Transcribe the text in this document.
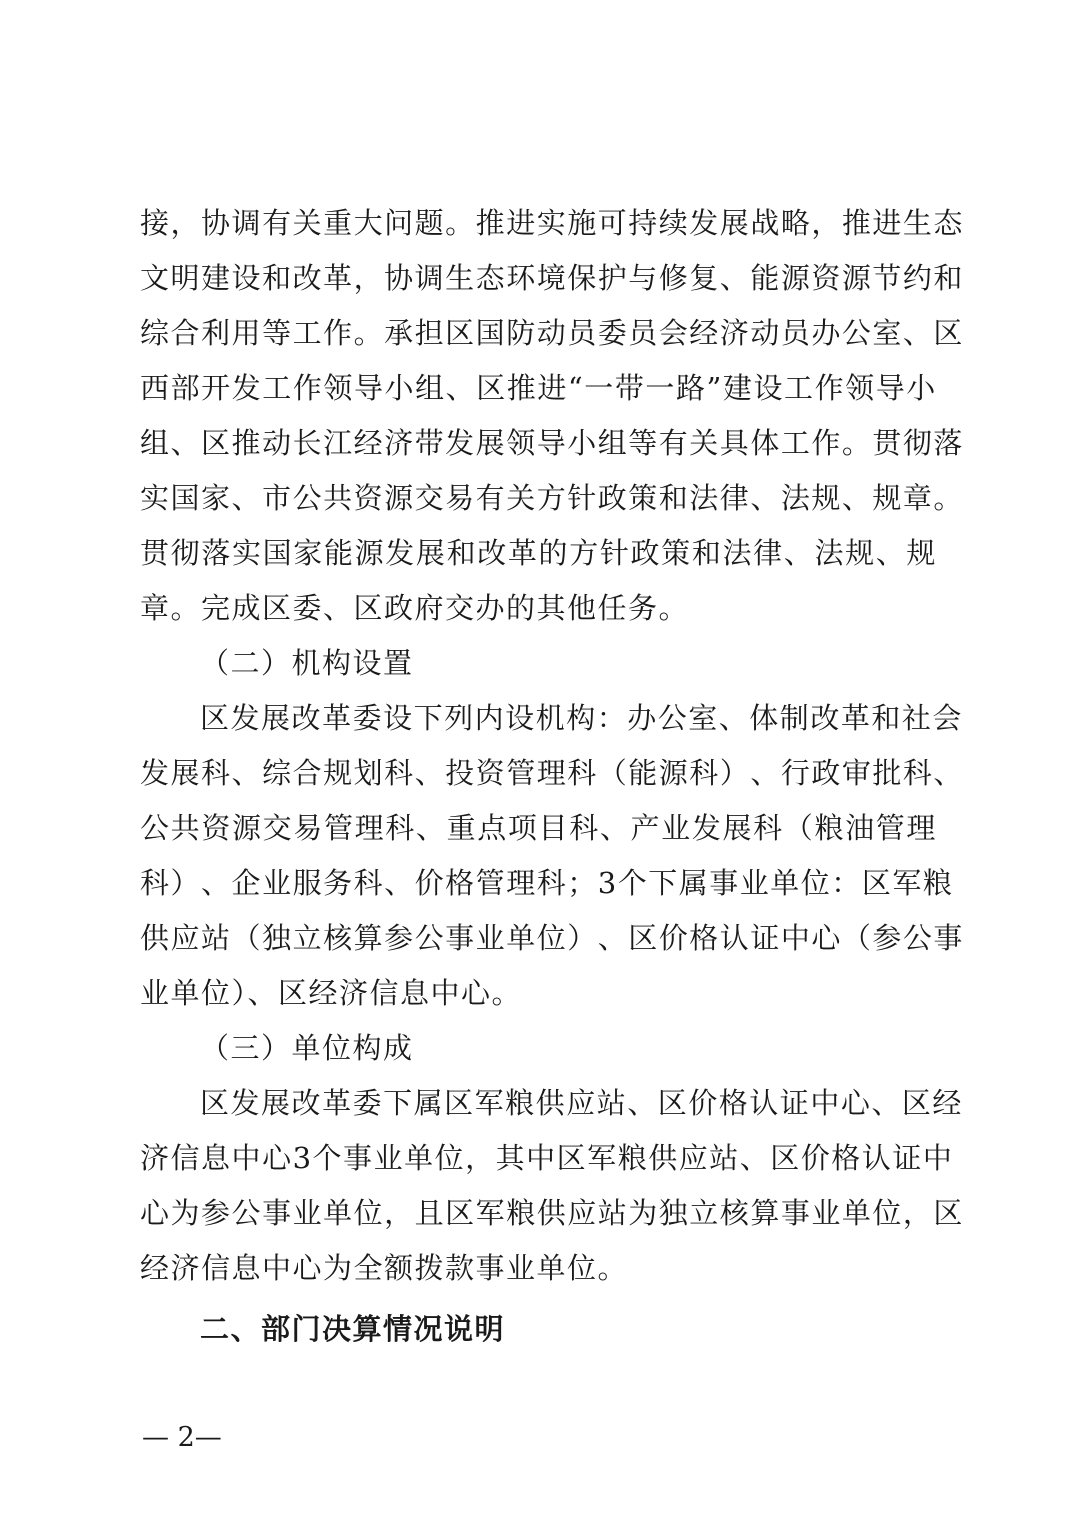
接 ， 协 调 有 关 重 大 问 题 。 推 进 实 施 可 持 续 发 展 战 略 ， 推 进 生 态
文 明 建 设 和 改 革 ， 协 调 生 态 环 境 保 护 与 修 复 、 能 源 资 源 节 约 和
综 合 利 用 等 工 作 。 承 担 区 国 防 动 员 委 员 会 经 济 动 员 办 公 室 、 区
西 部 开 发 工 作 领 导 小 组 、 区 推 进 “ 一 带 一 路 ” 建 设 工 作 领 导 小
组 、 区 推 动 长 江 经 济 带 发 展 领 导 小 组 等 有 关 具 体 工 作 。 贯 彻 落
实 国 家 、 市 公 共 资 源 交 易 有 关 方 针 政 策 和 法 律 、 法 规 、 规 章 。
贯 彻 落 实 国 家 能 源 发 展 和 改 革 的 方 针 政 策 和 法 律 、 法 规 、 规
章。完成区委、区政府交办的其他任务。
（二）机构设置
区 发 展 改 革 委 设 下 列 内 设 机 构 ： 办 公 室 、 体 制 改 革 和 社 会
发 展 科 、 综 合 规 划 科 、 投 资 管 理 科 （ 能 源 科 ） 、 行 政 审 批 科 、
公 共 资 源 交 易 管 理 科 、 重 点 项 目 科 、 产 业 发 展 科 （ 粮 油 管 理
科 ） 、 企 业 服 务 科 、 价 格 管 理 科 ； 3 个 下 属 事 业 单 位 ： 区 军 粮
供 应 站 （ 独 立 核 算 参 公 事 业 单 位 ） 、 区 价 格 认 证 中 心 （ 参 公 事
业单位）、区经济信息中心。
（三）单位构成
区 发 展 改 革 委 下 属 区 军 粮 供 应 站 、 区 价 格 认 证 中 心 、 区 经
济 信 息 中 心 3 个 事 业 单 位 ， 其 中 区 军 粮 供 应 站 、 区 价 格 认 证 中
心 为 参 公 事 业 单 位 ， 且 区 军 粮 供 应 站 为 独 立 核 算 事 业 单 位 ， 区
经济信息中心为全额拨款事业单位。
二、部门决算情况说明
— 2—
